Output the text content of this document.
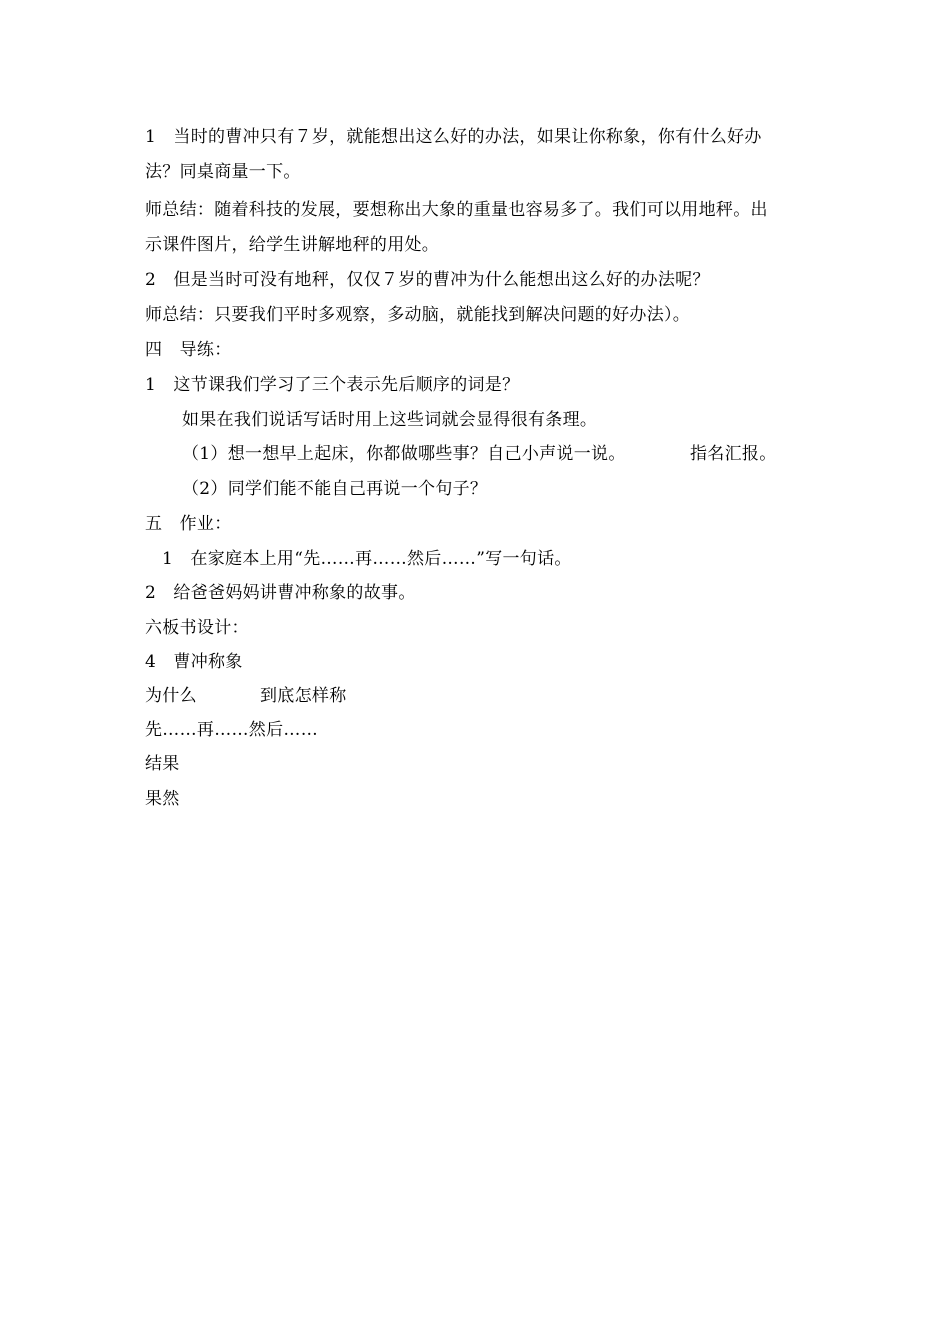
1　当时的曹冲只有７岁，就能想出这么好的办法，如果让你称象，你有什么好办
法？同桌商量一下。
师总结：随着科技的发展，要想称出大象的重量也容易多了。我们可以用地秤。出
示课件图片，给学生讲解地秤的用处。
2　但是当时可没有地秤，仅仅７岁的曹冲为什么能想出这么好的办法呢？
师总结：只要我们平时多观察，多动脑，就能找到解决问题的好办法）。
四　导练：
1　这节课我们学习了三个表示先后顺序的词是？
如果在我们说话写话时用上这些词就会显得很有条理。
（1）想一想早上起床，你都做哪些事？自己小声说一说。	指名汇报。
（2）同学们能不能自己再说一个句子？
五　作业：
1　在家庭本上用“先……再……然后……”写一句话。
2　给爸爸妈妈讲曹冲称象的故事。
六板书设计：
4　曹冲称象
为什么	到底怎样称
先……再……然后……
结果
果然
